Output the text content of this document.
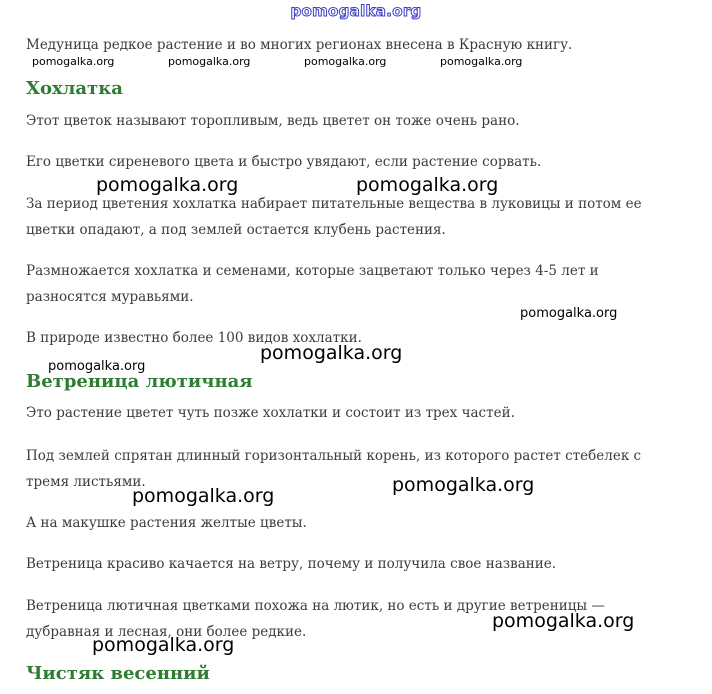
pomogalka.org

Медуница редкое растение и во многих регионах внесена в Красную книгу.

pomogalka.org	pomogalka.org	pomogalka.org	pomogalka.org
Хохлатка

Этот цветок называют торопливым, ведь цветет он тоже очень рано.

Его цветки сиреневого цвета и быстро увядают, если растение сорвать.

pomogalka.org	pomogalka.org

За период цветения хохлатка набирает питательные вещества в луковицы и потом ее цветки опадают, а под землей остается клубень растения.

Размножается хохлатка и семенами, которые зацветают только через 4-5 лет и разносятся муравьями.

pomogalka.org

В природе известно более 100 видов хохлатки.

pomogalka.org
pomogalka.org
Ветреница лютичная

Это растение цветет чуть позже хохлатки и состоит из трех частей.

Под землей спрятан длинный горизонтальный корень, из которого растет стебелек с тремя листьями.

pomogalka.org	pomogalka.org

А на макушке растения желтые цветы.

Ветреница красиво качается на ветру, почему и получила свое название.

Ветреница лютичная цветками похожа на лютик, но есть и другие ветреницы — дубравная и лесная, они более редкие.	pomogalka.org
pomogalka.org
Чистяк весенний
